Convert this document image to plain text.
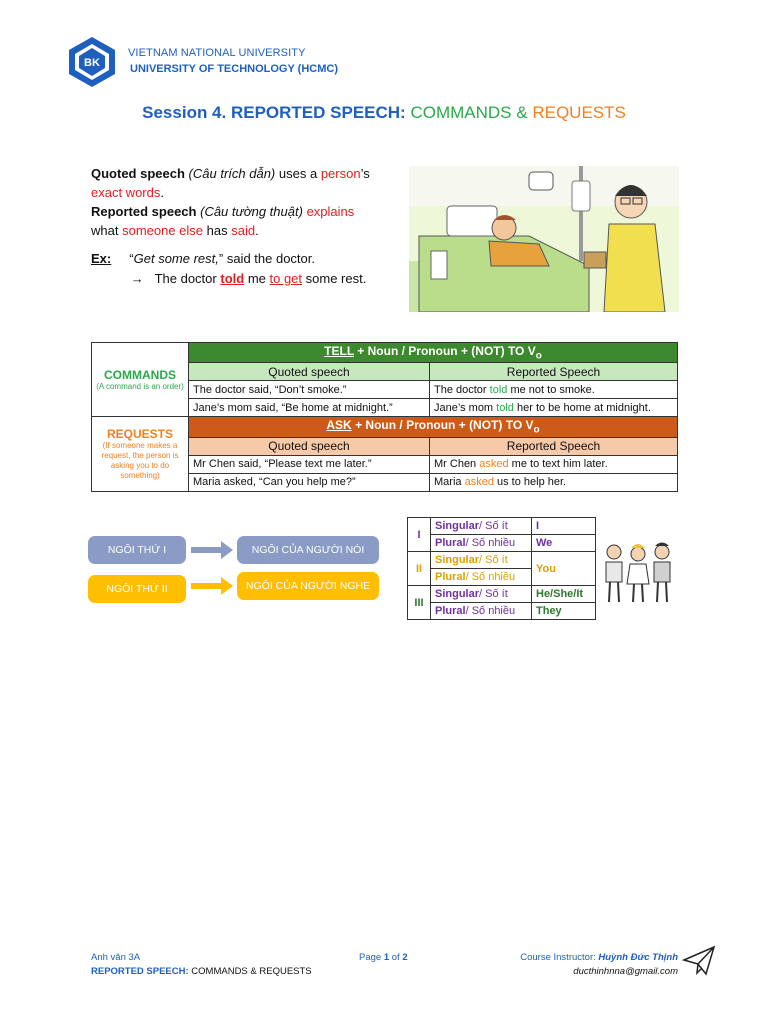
BK
VIETNAM NATIONAL UNIVERSITY
UNIVERSITY OF TECHNOLOGY (HCMC)
Session 4. REPORTED SPEECH: COMMANDS & REQUESTS
Quoted speech (Câu trích dẫn) uses a person’s
exact words.
Reported speech (Câu tường thuật) explains
what someone else has said.
Ex: “Get some rest,” said the doctor.
→ The doctor told me to get some rest.
COMMANDS
(A command is an order)	TELL + Noun / Pronoun + (NOT) TO $V_o$
	Quoted speech	Reported Speech
	The doctor said, “Don’t smoke.”	The doctor told me not to smoke.
	Jane’s mom said, “Be home at midnight.”	Jane’s mom told her to be home at midnight.

REQUESTS
(If someone makes a request, the person is asking you to do something)	ASK + Noun / Pronoun + (NOT) TO $V_o$
	Quoted speech	Reported Speech
	Mr Chen said, “Please text me later.”	Mr Chen asked me to text him later.
	Maria asked, “Can you help me?”	Maria asked us to help her.
NGÔI THỨ I	NGÔI CỦA NGƯỜI NÓI
NGÔI THỨ II	NGÔI CỦA NGƯỜI NGHE
I	Singular/ Số ít	I
	Plural/ Số nhiều	We
II	Singular/ Số ít	You
	Plural/ Số nhiều	
III	Singular/ Số ít	He/She/It
	Plural/ Số nhiều	They
Anh văn 3A
REPORTED SPEECH: COMMANDS & REQUESTS
Page 1 of 2	Course Instructor: Huỳnh Đức Thịnh
ducthinhnna@gmail.com
